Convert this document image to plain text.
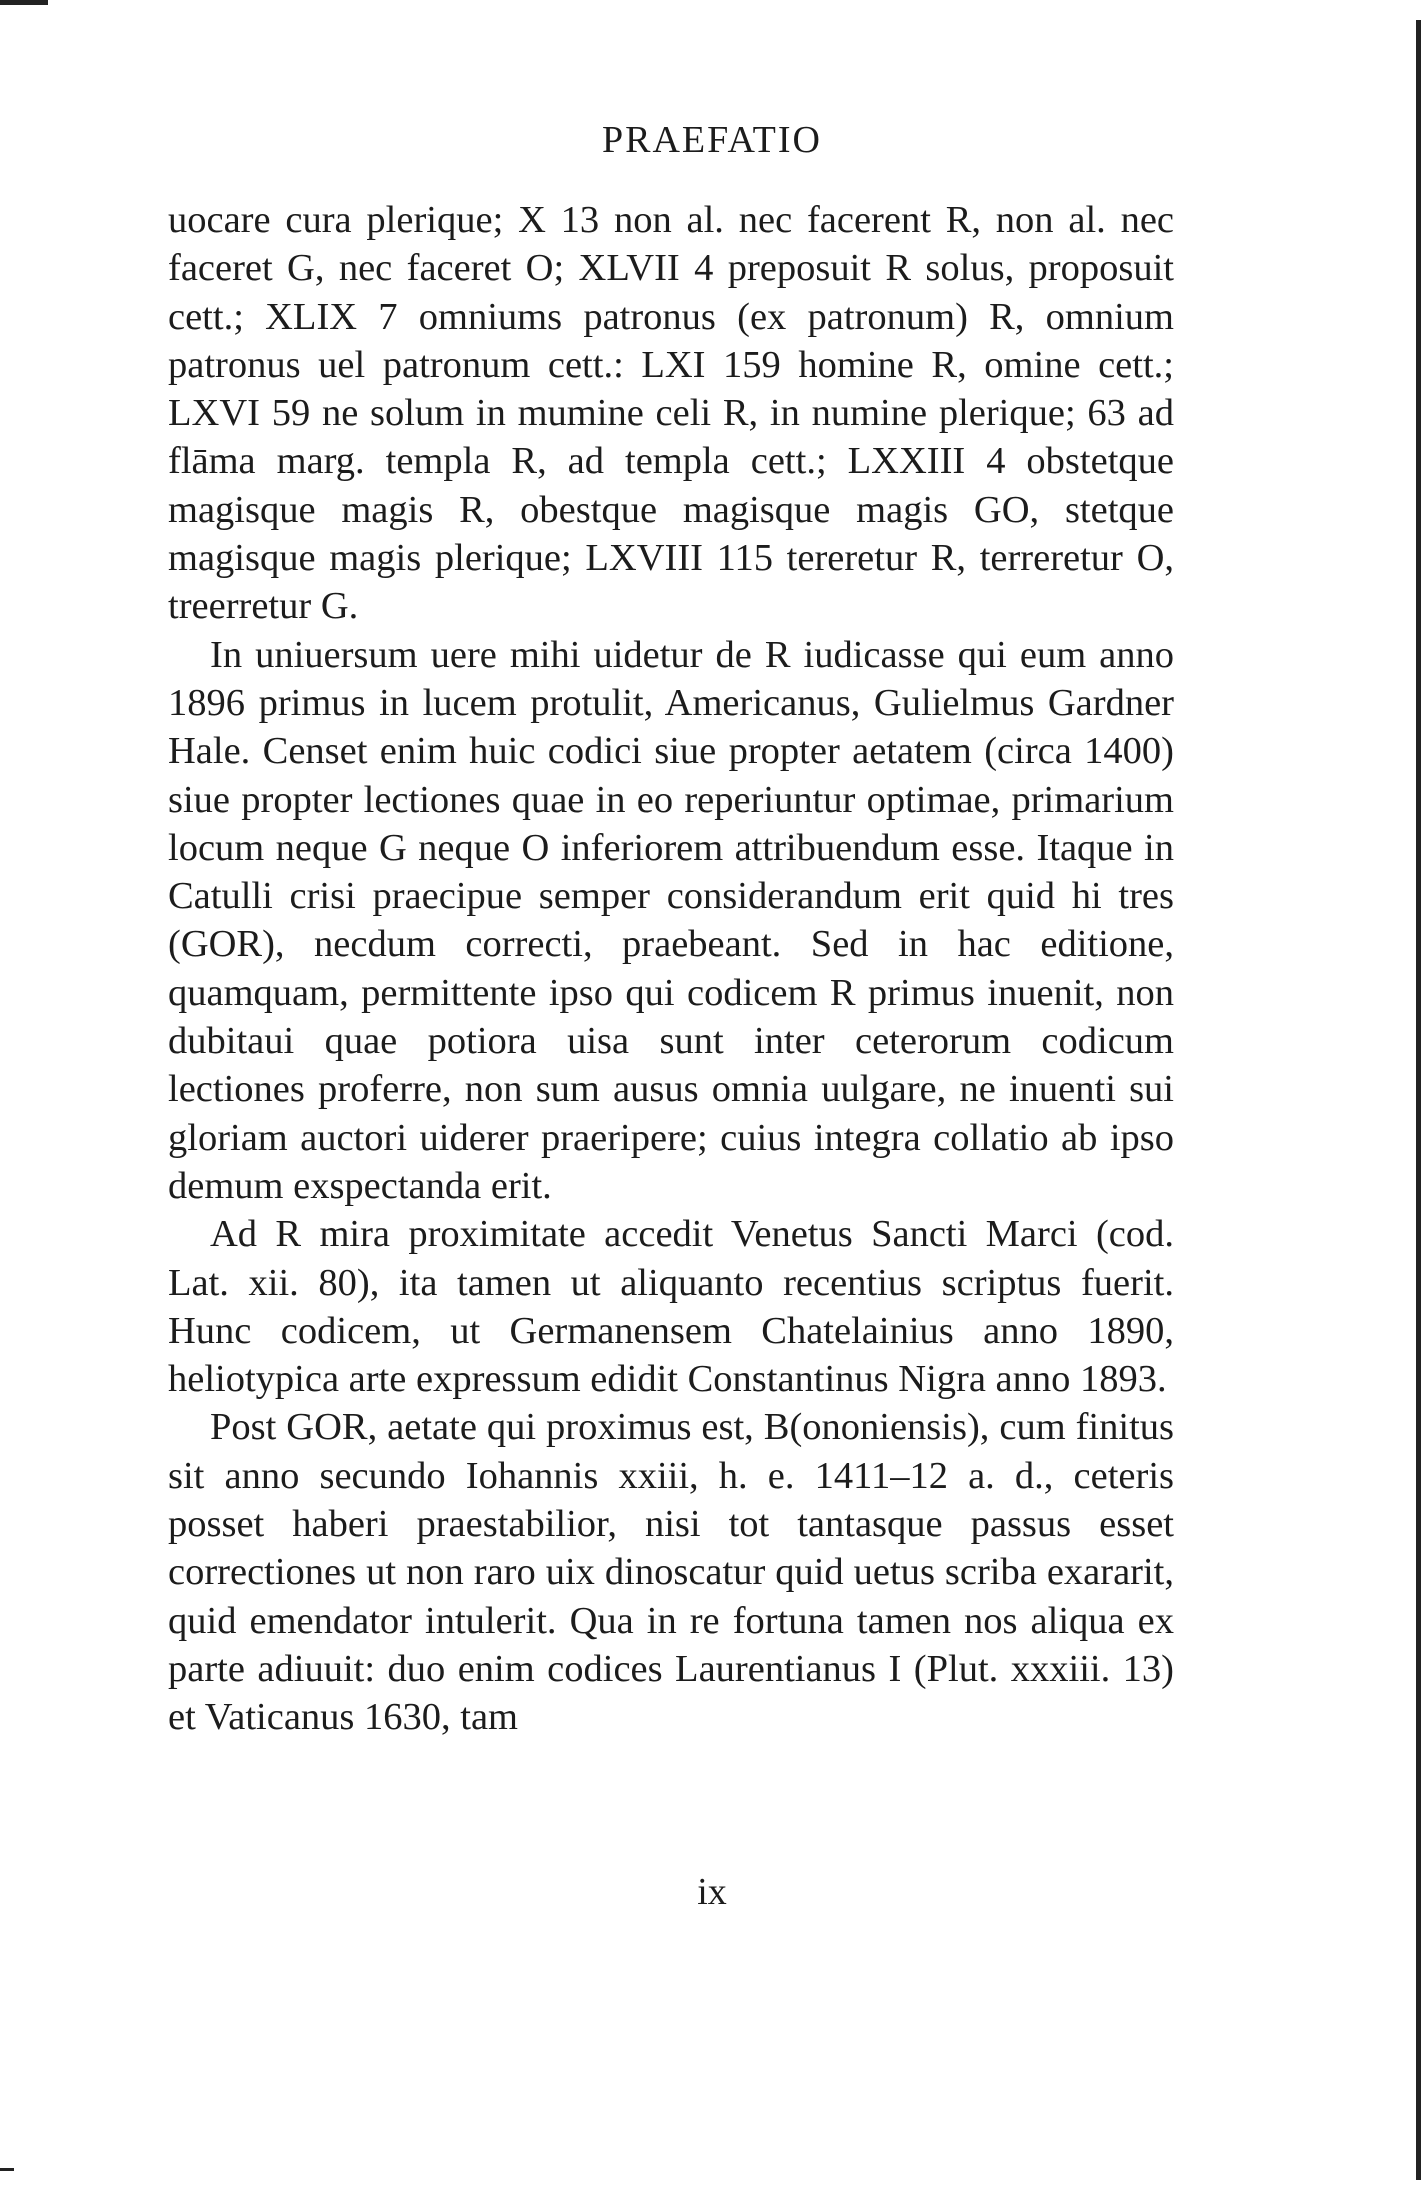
PRAEFATIO

uocare cura plerique; X 13 non al. nec facerent R, non al. nec faceret G, nec faceret O; XLVII 4 preposuit R solus, proposuit cett.; XLIX 7 omniums patronus (ex patronum) R, omnium patronus uel patronum cett.: LXI 159 homine R, omine cett.; LXVI 59 ne solum in mumine celi R, in numine plerique; 63 ad flāma marg. templa R, ad templa cett.; LXXIII 4 obstetque magisque magis R, obestque magisque magis GO, stetque magisque magis plerique; LXVIII 115 tereretur R, terreretur O, treerretur G.

In uniuersum uere mihi uidetur de R iudicasse qui eum anno 1896 primus in lucem protulit, Americanus, Gulielmus Gardner Hale. Censet enim huic codici siue propter aetatem (circa 1400) siue propter lectiones quae in eo reperiuntur optimae, primarium locum neque G neque O inferiorem attribuendum esse. Itaque in Catulli crisi praecipue semper considerandum erit quid hi tres (GOR), necdum correcti, praebeant. Sed in hac editione, quamquam, permittente ipso qui codicem R primus inuenit, non dubitaui quae potiora uisa sunt inter ceterorum codicum lectiones proferre, non sum ausus omnia uulgare, ne inuenti sui gloriam auctori uiderer praeripere; cuius integra collatio ab ipso demum exspectanda erit.

Ad R mira proximitate accedit Venetus Sancti Marci (cod. Lat. xii. 80), ita tamen ut aliquanto recentius scriptus fuerit. Hunc codicem, ut Germanensem Chatelainius anno 1890, heliotypica arte expressum edidit Constantinus Nigra anno 1893.

Post GOR, aetate qui proximus est, B(ononiensis), cum finitus sit anno secundo Iohannis xxiii, h. e. 1411–12 a. d., ceteris posset haberi praestabilior, nisi tot tantasque passus esset correctiones ut non raro uix dinoscatur quid uetus scriba exararit, quid emendator intulerit. Qua in re fortuna tamen nos aliqua ex parte adiuuit: duo enim codices Laurentianus I (Plut. xxxiii. 13) et Vaticanus 1630, tam

ix
